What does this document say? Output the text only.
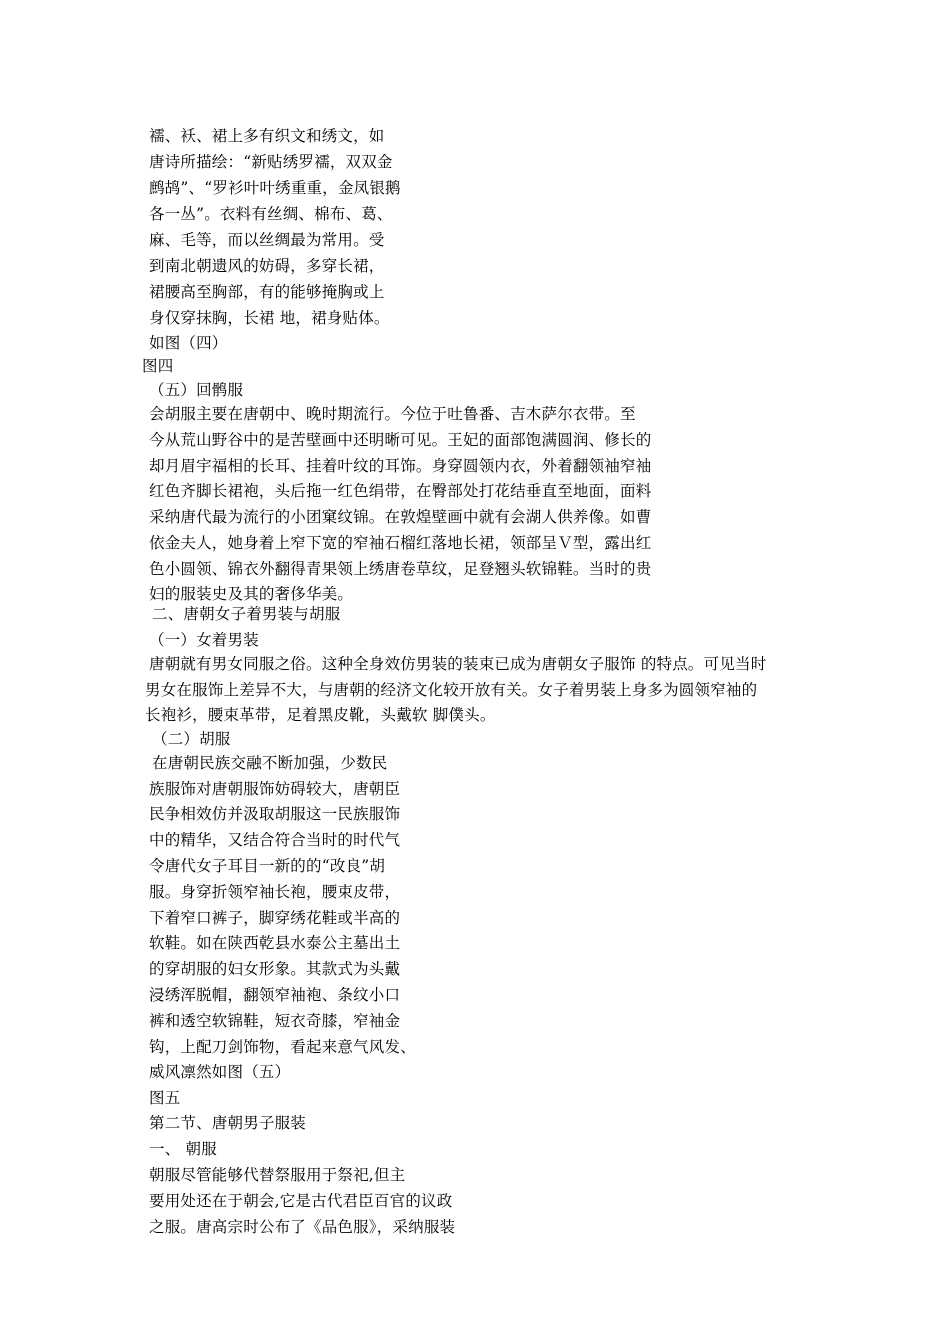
襦、袄、裙上多有织文和绣文，如

唐诗所描绘：“新贴绣罗襦，双双金

鹧鸪”、“罗衫叶叶绣重重，金凤银鹅

各一丛”。衣料有丝绸、棉布、葛、

麻、毛等，而以丝绸最为常用。受

到南北朝遗风的妨碍，多穿长裙，

裙腰高至胸部，有的能够掩胸或上

身仅穿抹胸，长裙 地，裙身贴体。

如图（四）

图四

（五）回鹘服

会胡服主要在唐朝中、晚时期流行。今位于吐鲁番、吉木萨尔衣带。至

今从荒山野谷中的是苦壁画中还明晰可见。王妃的面部饱满圆润、修长的

却月眉宇福相的长耳、挂着叶纹的耳饰。身穿圆领内衣，外着翻领袖窄袖

红色齐脚长裙袍，头后拖一红色绢带，在臀部处打花结垂直至地面，面料

采纳唐代最为流行的小团窠纹锦。在敦煌壁画中就有会湖人供养像。如曹

依金夫人，她身着上窄下宽的窄袖石榴红落地长裙，领部呈Ｖ型，露出红

色小圆领、锦衣外翻得青果领上绣唐卷草纹，足登翘头软锦鞋。当时的贵

妇的服装史及其的奢侈华美。

二、唐朝女子着男装与胡服

（一）女着男装

唐朝就有男女同服之俗。这种全身效仿男装的装束已成为唐朝女子服饰 的特点。可见当时

男女在服饰上差异不大，与唐朝的经济文化较开放有关。女子着男装上身多为圆领窄袖的

长袍衫，腰束革带，足着黑皮靴，头戴软 脚僕头。

（二）胡服

在唐朝民族交融不断加强，少数民

族服饰对唐朝服饰妨碍较大，唐朝臣

民争相效仿并汲取胡服这一民族服饰

中的精华，又结合符合当时的时代气

令唐代女子耳目一新的的“改良”胡

服。身穿折领窄袖长袍，腰束皮带，

下着窄口裤子，脚穿绣花鞋或半高的

软鞋。如在陕西乾县水泰公主墓出土

的穿胡服的妇女形象。其款式为头戴

浸绣浑脱帽，翻领窄袖袍、条纹小口

裤和透空软锦鞋，短衣奇膝，窄袖金

钩，上配刀剑饰物，看起来意气风发、

威风凛然如图（五）

图五

第二节、唐朝男子服装

一、 朝服

朝服尽管能够代替祭服用于祭祀,但主

要用处还在于朝会,它是古代君臣百官的议政

之服。唐高宗时公布了《品色服》，采纳服装
